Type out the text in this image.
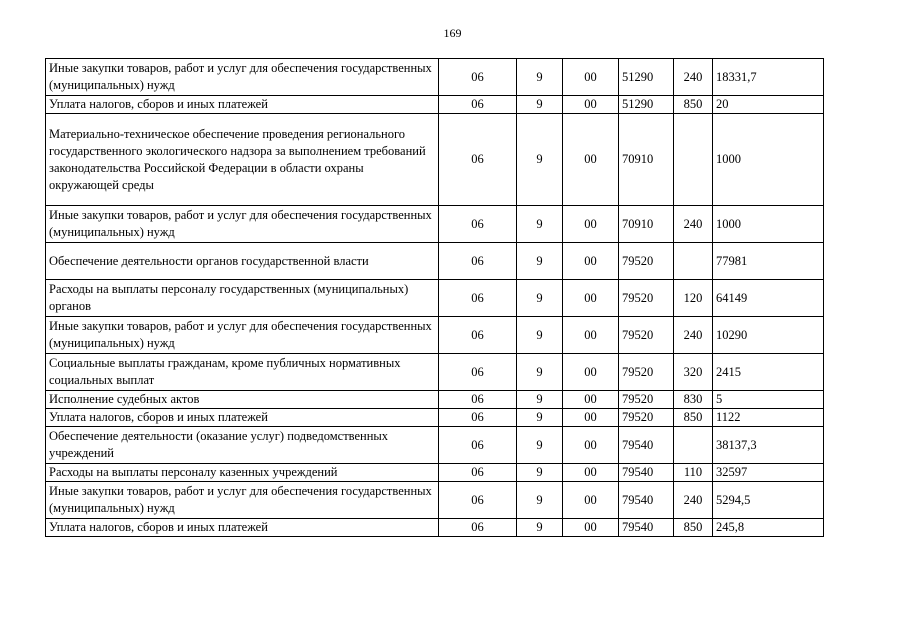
169
Иные закупки товаров, работ и услуг для обеспечения государственных (муниципальных) нужд	06	9	00	51290	240	18331,7
Уплата налогов, сборов и иных платежей	06	9	00	51290	850	20
Материально-техническое обеспечение проведения регионального государственного экологического надзора за выполнением требований законодательства Российской Федерации в области охраны окружающей среды	06	9	00	70910		1000
Иные закупки товаров, работ и услуг для обеспечения государственных (муниципальных) нужд	06	9	00	70910	240	1000
Обеспечение деятельности органов государственной власти	06	9	00	79520		77981
Расходы на выплаты персоналу государственных (муниципальных) органов	06	9	00	79520	120	64149
Иные закупки товаров, работ и услуг для обеспечения государственных (муниципальных) нужд	06	9	00	79520	240	10290
Социальные выплаты гражданам, кроме публичных нормативных социальных выплат	06	9	00	79520	320	2415
Исполнение судебных актов	06	9	00	79520	830	5
Уплата налогов, сборов и иных платежей	06	9	00	79520	850	1122
Обеспечение деятельности (оказание услуг) подведомственных учреждений	06	9	00	79540		38137,3
Расходы на выплаты персоналу казенных учреждений	06	9	00	79540	110	32597
Иные закупки товаров, работ и услуг для обеспечения государственных (муниципальных) нужд	06	9	00	79540	240	5294,5
Уплата налогов, сборов и иных платежей	06	9	00	79540	850	245,8
